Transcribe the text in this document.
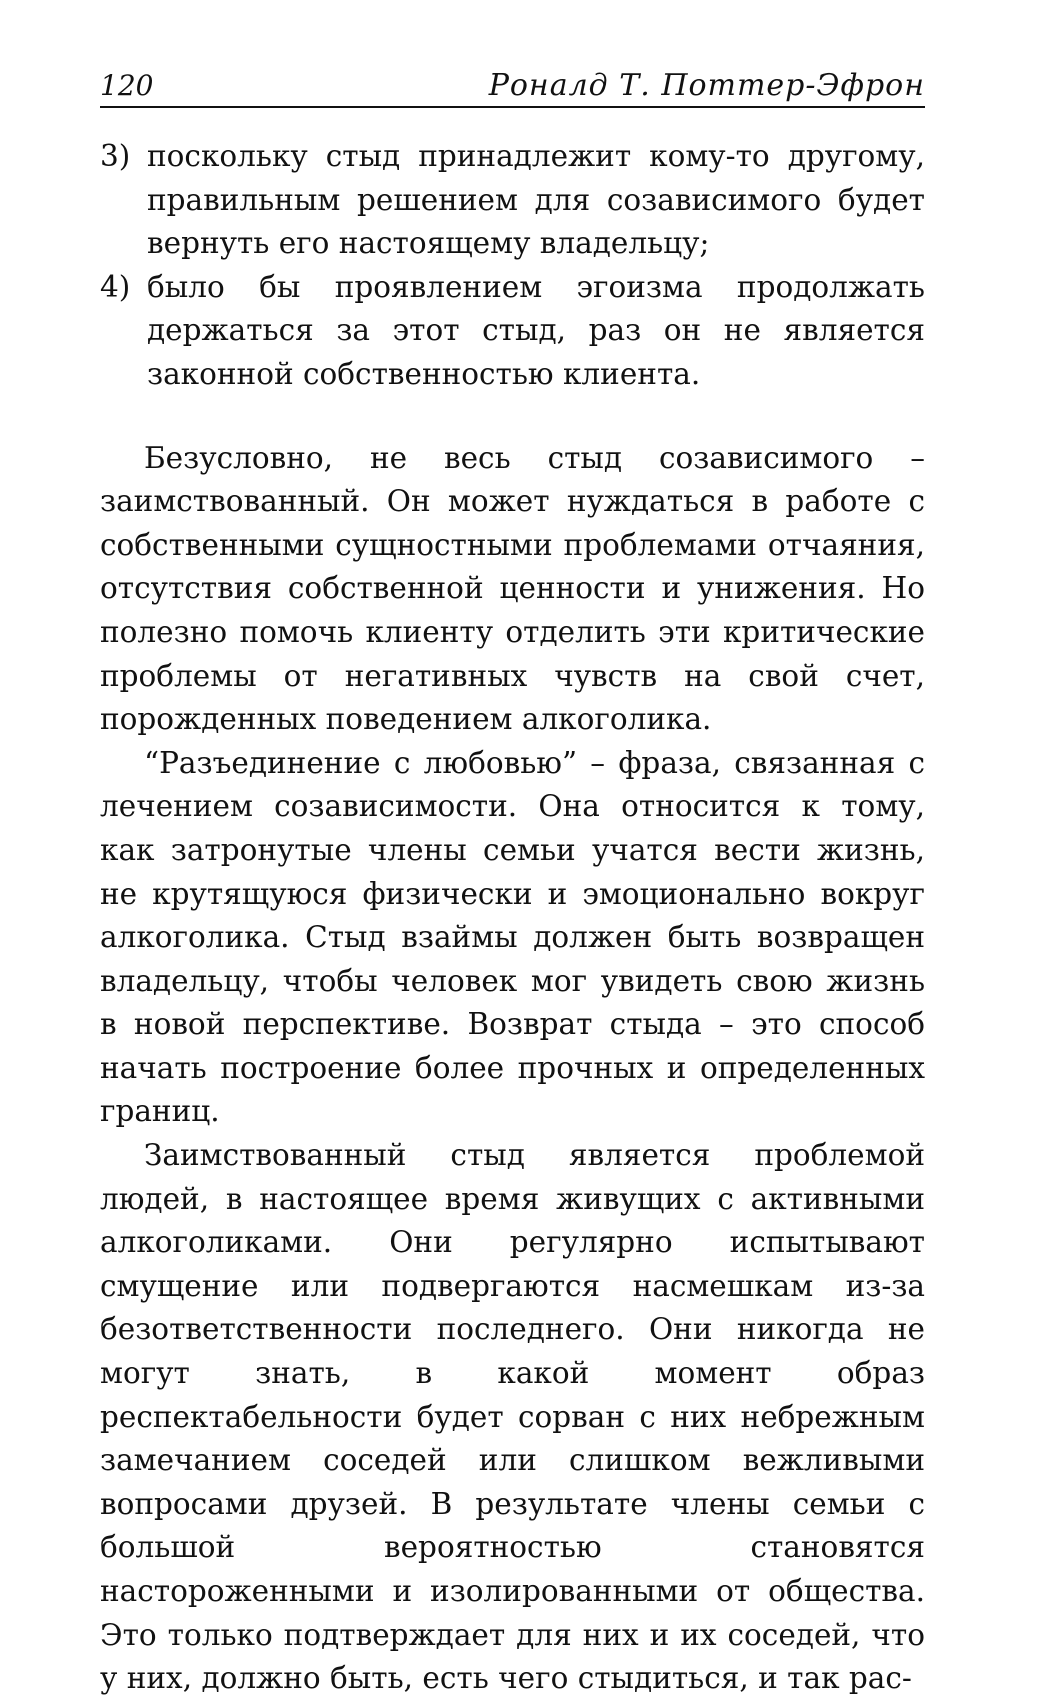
120	Роналд Т. Поттер-Эфрон
3) поскольку стыд принадлежит кому-то другому, правильным решением для созависимого будет вернуть его настоящему владельцу;
4) было бы проявлением эгоизма продолжать держаться за этот стыд, раз он не является законной собственностью клиента.

Безусловно, не весь стыд созависимого – заимствованный. Он может нуждаться в работе с собственными сущностными проблемами отчаяния, отсутствия собственной ценности и унижения. Но полезно помочь клиенту отделить эти критические проблемы от негативных чувств на свой счет, порожденных поведением алкоголика.

“Разъединение с любовью” – фраза, связанная с лечением созависимости. Она относится к тому, как затронутые члены семьи учатся вести жизнь, не крутящуюся физически и эмоционально вокруг алкоголика. Стыд взаймы должен быть возвращен владельцу, чтобы человек мог увидеть свою жизнь в новой перспективе. Возврат стыда – это способ начать построение более прочных и определенных границ.

Заимствованный стыд является проблемой людей, в настоящее время живущих с активными алкоголиками. Они регулярно испытывают смущение или подвергаются насмешкам из-за безответственности последнего. Они никогда не могут знать, в какой момент образ респектабельности будет сорван с них небрежным замечанием соседей или слишком вежливыми вопросами друзей. В результате члены семьи с большой вероятностью становятся настороженными и изолированными от общества. Это только подтверждает для них и их соседей, что у них, должно быть, есть чего стыдиться, и так рас-
